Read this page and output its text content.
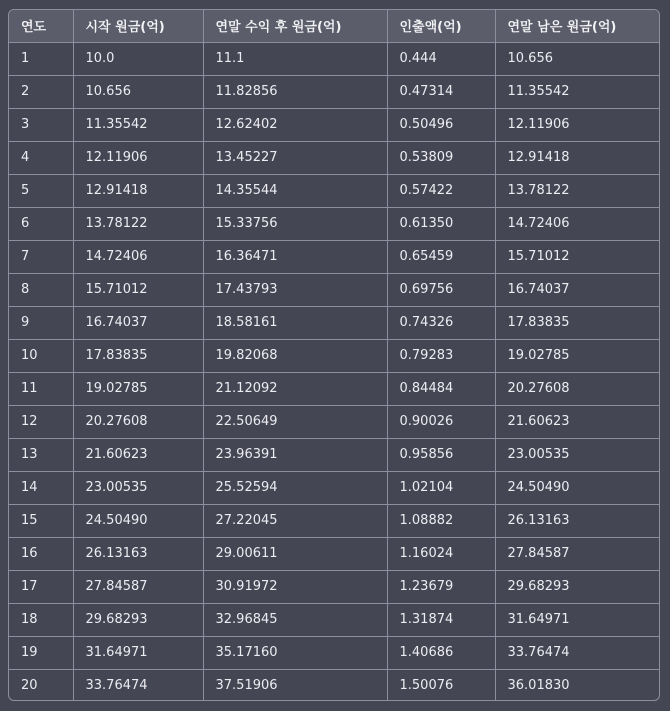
연도	시작 원금(억)	연말 수익 후 원금(억)	인출액(억)	연말 남은 원금(억)
1	10.0	11.1	0.444	10.656
2	10.656	11.82856	0.47314	11.35542
3	11.35542	12.62402	0.50496	12.11906
4	12.11906	13.45227	0.53809	12.91418
5	12.91418	14.35544	0.57422	13.78122
6	13.78122	15.33756	0.61350	14.72406
7	14.72406	16.36471	0.65459	15.71012
8	15.71012	17.43793	0.69756	16.74037
9	16.74037	18.58161	0.74326	17.83835
10	17.83835	19.82068	0.79283	19.02785
11	19.02785	21.12092	0.84484	20.27608
12	20.27608	22.50649	0.90026	21.60623
13	21.60623	23.96391	0.95856	23.00535
14	23.00535	25.52594	1.02104	24.50490
15	24.50490	27.22045	1.08882	26.13163
16	26.13163	29.00611	1.16024	27.84587
17	27.84587	30.91972	1.23679	29.68293
18	29.68293	32.96845	1.31874	31.64971
19	31.64971	35.17160	1.40686	33.76474
20	33.76474	37.51906	1.50076	36.01830
